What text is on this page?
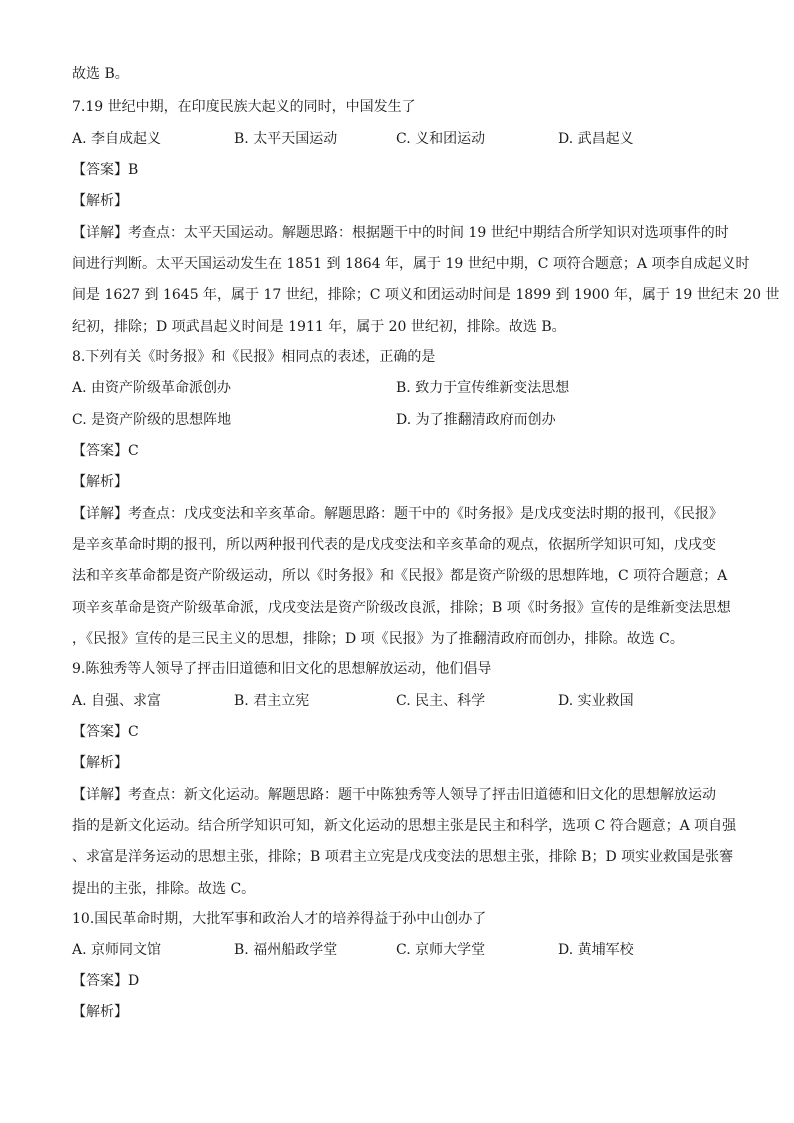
故选 B。
7.19 世纪中期，在印度民族大起义的同时，中国发生了
A. 李自成起义	B. 太平天国运动	C. 义和团运动	D. 武昌起义
【答案】B
【解析】
【详解】考查点：太平天国运动。解题思路：根据题干中的时间 19 世纪中期结合所学知识对选项事件的时
间进行判断。太平天国运动发生在 1851 到 1864 年，属于 19 世纪中期，C 项符合题意；A 项李自成起义时
间是 1627 到 1645 年，属于 17 世纪，排除；C 项义和团运动时间是 1899 到 1900 年，属于 19 世纪末 20 世
纪初，排除；D 项武昌起义时间是 1911 年，属于 20 世纪初，排除。故选 B。
8.下列有关《时务报》和《民报》相同点的表述，正确的是
A. 由资产阶级革命派创办	B. 致力于宣传维新变法思想
C. 是资产阶级的思想阵地	D. 为了推翻清政府而创办
【答案】C
【解析】
【详解】考查点：戊戌变法和辛亥革命。解题思路：题干中的《时务报》是戊戌变法时期的报刊，《民报》
是辛亥革命时期的报刊，所以两种报刊代表的是戊戌变法和辛亥革命的观点，依据所学知识可知，戊戌变
法和辛亥革命都是资产阶级运动，所以《时务报》和《民报》都是资产阶级的思想阵地，C 项符合题意；A
项辛亥革命是资产阶级革命派，戊戌变法是资产阶级改良派，排除；B 项《时务报》宣传的是维新变法思想
，《民报》宣传的是三民主义的思想，排除；D 项《民报》为了推翻清政府而创办，排除。故选 C。
9.陈独秀等人领导了抨击旧道德和旧文化的思想解放运动，他们倡导
A. 自强、求富	B. 君主立宪	C. 民主、科学	D. 实业救国
【答案】C
【解析】
【详解】考查点：新文化运动。解题思路：题干中陈独秀等人领导了抨击旧道德和旧文化的思想解放运动
指的是新文化运动。结合所学知识可知，新文化运动的思想主张是民主和科学，选项 C 符合题意；A 项自强
、求富是洋务运动的思想主张，排除；B 项君主立宪是戊戌变法的思想主张，排除 B；D 项实业救国是张謇
提出的主张，排除。故选 C。
10.国民革命时期，大批军事和政治人才的培养得益于孙中山创办了
A. 京师同文馆	B. 福州船政学堂	C. 京师大学堂	D. 黄埔军校
【答案】D
【解析】
